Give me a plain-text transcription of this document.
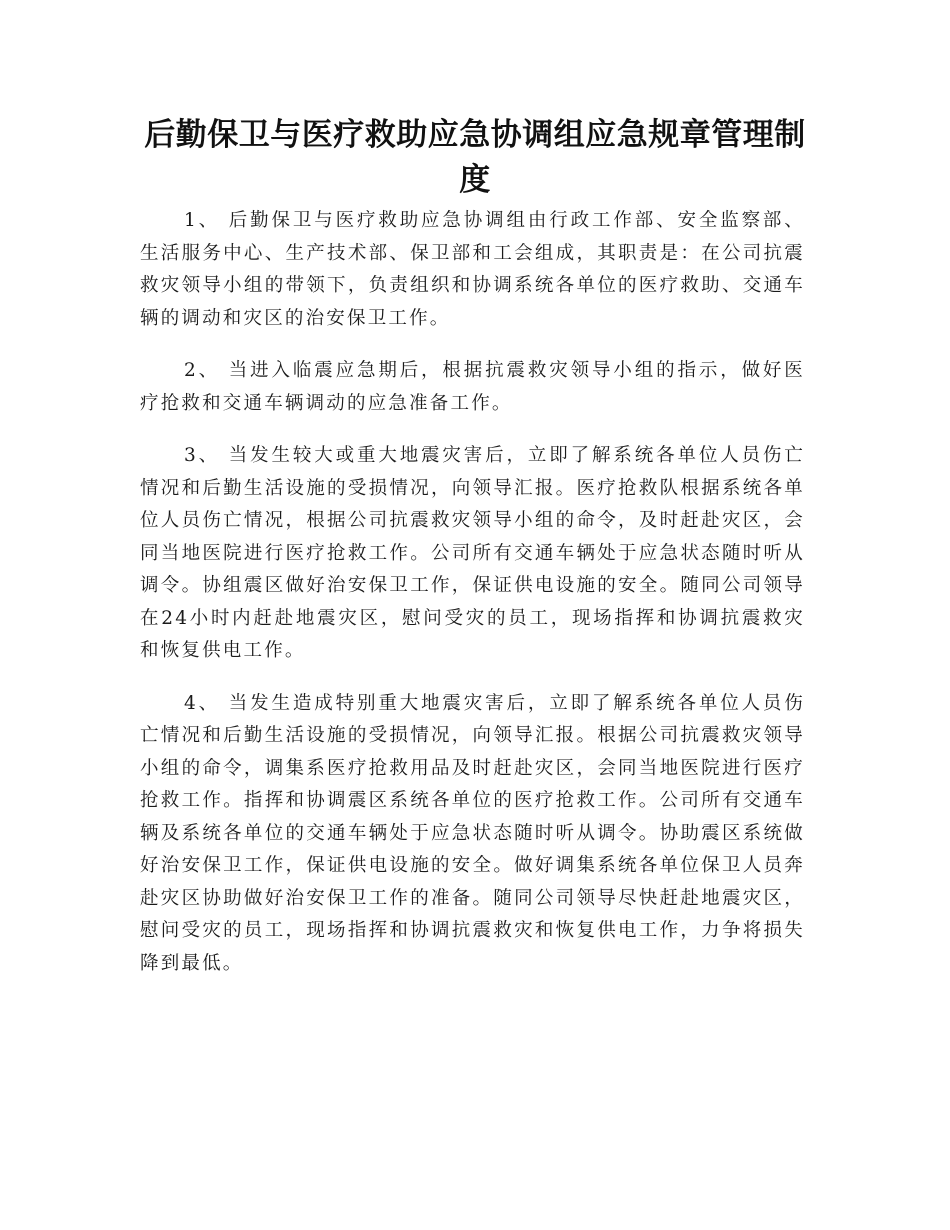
后勤保卫与医疗救助应急协调组应急规章管理制度

1、 后勤保卫与医疗救助应急协调组由行政工作部、安全监察部、生活服务中心、生产技术部、保卫部和工会组成，其职责是：在公司抗震救灾领导小组的带领下，负责组织和协调系统各单位的医疗救助、交通车辆的调动和灾区的治安保卫工作。

2、 当进入临震应急期后，根据抗震救灾领导小组的指示，做好医疗抢救和交通车辆调动的应急准备工作。

3、 当发生较大或重大地震灾害后，立即了解系统各单位人员伤亡情况和后勤生活设施的受损情况，向领导汇报。医疗抢救队根据系统各单位人员伤亡情况，根据公司抗震救灾领导小组的命令，及时赶赴灾区，会同当地医院进行医疗抢救工作。公司所有交通车辆处于应急状态随时听从调令。协组震区做好治安保卫工作，保证供电设施的安全。随同公司领导在24小时内赶赴地震灾区，慰问受灾的员工，现场指挥和协调抗震救灾和恢复供电工作。

4、 当发生造成特别重大地震灾害后，立即了解系统各单位人员伤亡情况和后勤生活设施的受损情况，向领导汇报。根据公司抗震救灾领导小组的命令，调集系医疗抢救用品及时赶赴灾区，会同当地医院进行医疗抢救工作。指挥和协调震区系统各单位的医疗抢救工作。公司所有交通车辆及系统各单位的交通车辆处于应急状态随时听从调令。协助震区系统做好治安保卫工作，保证供电设施的安全。做好调集系统各单位保卫人员奔赴灾区协助做好治安保卫工作的准备。随同公司领导尽快赶赴地震灾区，慰问受灾的员工，现场指挥和协调抗震救灾和恢复供电工作，力争将损失降到最低。
